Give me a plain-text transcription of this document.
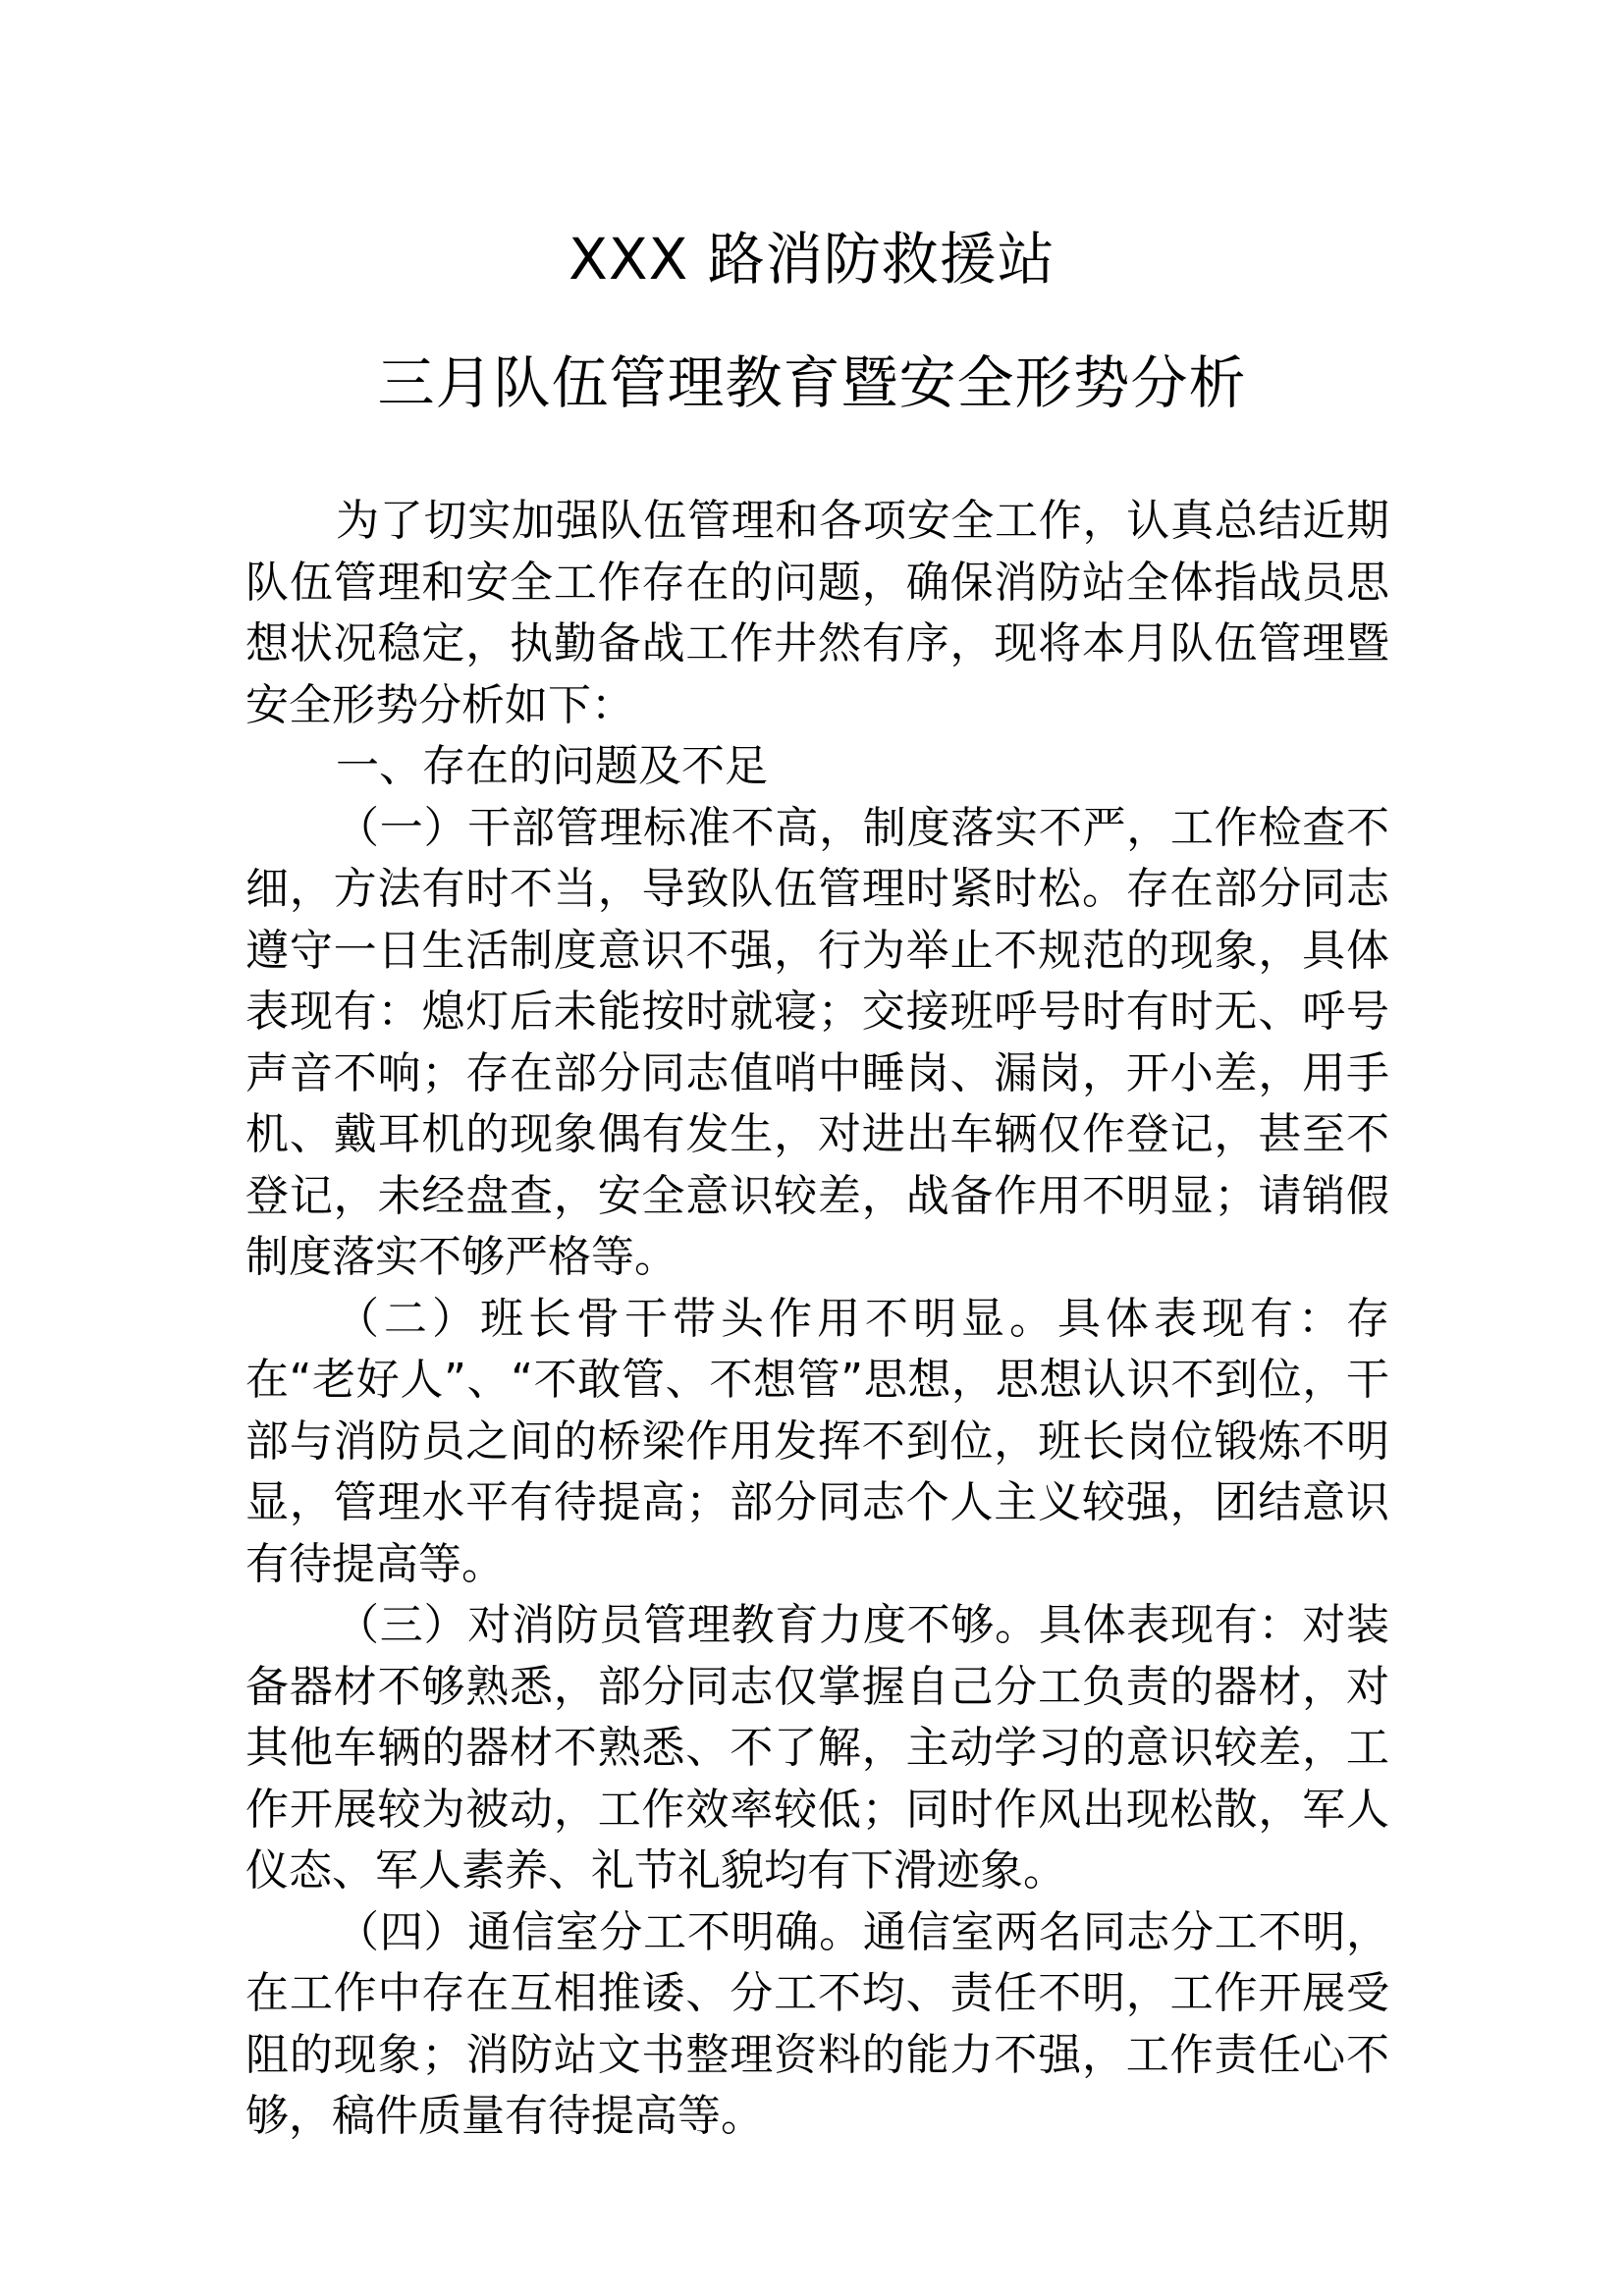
XXX 路消防救援站
三月队伍管理教育暨安全形势分析

为了切实加强队伍管理和各项安全工作，认真总结近期队伍管理和安全工作存在的问题，确保消防站全体指战员思想状况稳定，执勤备战工作井然有序，现将本月队伍管理暨安全形势分析如下：

一、存在的问题及不足

（一）干部管理标准不高，制度落实不严，工作检查不细，方法有时不当，导致队伍管理时紧时松。存在部分同志遵守一日生活制度意识不强，行为举止不规范的现象，具体表现有：熄灯后未能按时就寝；交接班呼号时有时无、呼号声音不响；存在部分同志值哨中睡岗、漏岗，开小差，用手机、戴耳机的现象偶有发生，对进出车辆仅作登记，甚至不登记，未经盘查，安全意识较差，战备作用不明显；请销假制度落实不够严格等。

（二）班长骨干带头作用不明显。具体表现有：存在“老好人”、“不敢管、不想管”思想，思想认识不到位，干部与消防员之间的桥梁作用发挥不到位，班长岗位锻炼不明显，管理水平有待提高；部分同志个人主义较强，团结意识有待提高等。

（三）对消防员管理教育力度不够。具体表现有：对装备器材不够熟悉，部分同志仅掌握自己分工负责的器材，对其他车辆的器材不熟悉、不了解，主动学习的意识较差，工作开展较为被动，工作效率较低；同时作风出现松散，军人仪态、军人素养、礼节礼貌均有下滑迹象。

（四）通信室分工不明确。通信室两名同志分工不明，在工作中存在互相推诿、分工不均、责任不明，工作开展受阻的现象；消防站文书整理资料的能力不强，工作责任心不够，稿件质量有待提高等。
